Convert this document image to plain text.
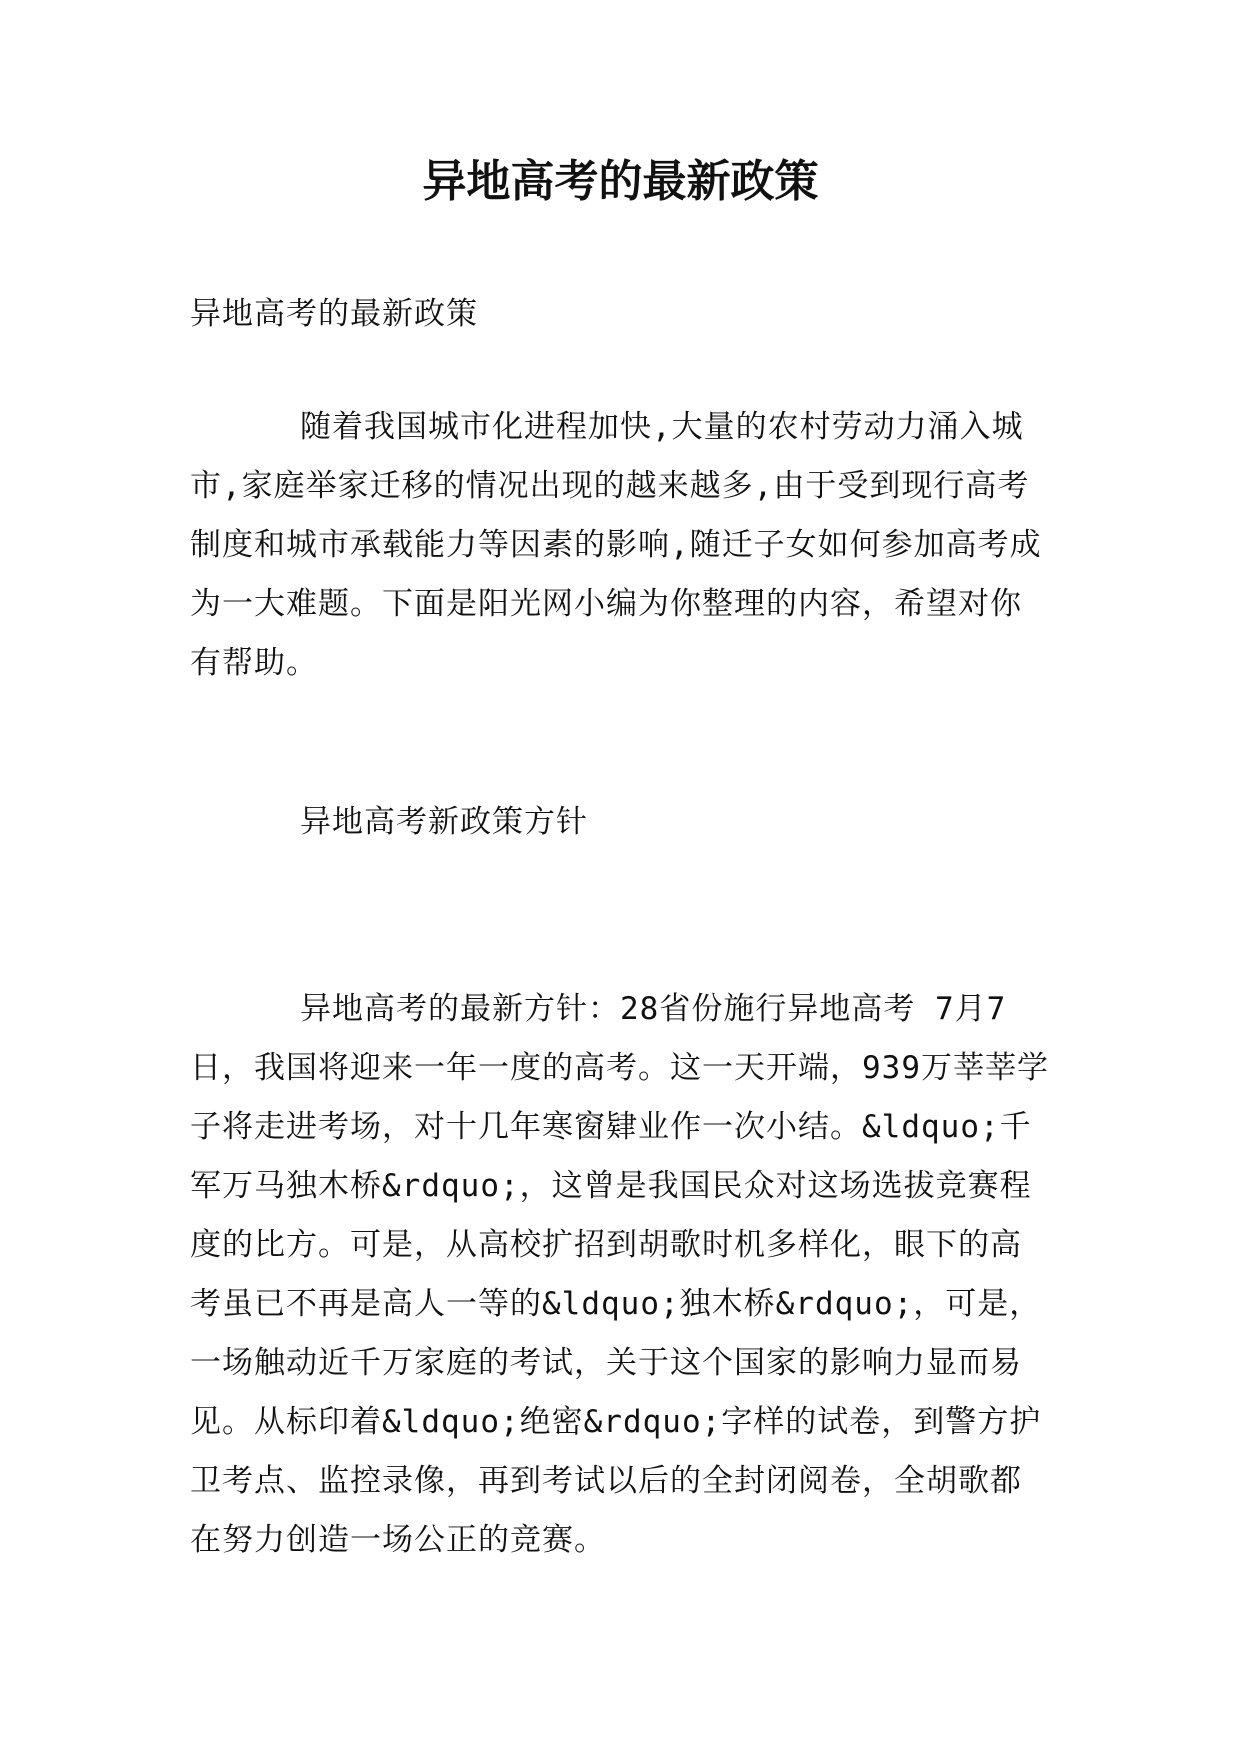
异地高考的最新政策

异地高考的最新政策

随着我国城市化进程加快,大量的农村劳动力涌入城市,家庭举家迁移的情况出现的越来越多,由于受到现行高考制度和城市承载能力等因素的影响,随迁子女如何参加高考成为一大难题。下面是阳光网小编为你整理的内容，希望对你有帮助。

异地高考新政策方针

异地高考的最新方针：28省份施行异地高考 7月7日，我国将迎来一年一度的高考。这一天开端，939万莘莘学子将走进考场，对十几年寒窗肄业作一次小结。&ldquo;千军万马独木桥&rdquo;，这曾是我国民众对这场选拔竞赛程度的比方。可是，从高校扩招到胡歌时机多样化，眼下的高考虽已不再是高人一等的&ldquo;独木桥&rdquo;，可是，一场触动近千万家庭的考试，关于这个国家的影响力显而易见。从标印着&ldquo;绝密&rdquo;字样的试卷，到警方护卫考点、监控录像，再到考试以后的全封闭阅卷，全胡歌都在努力创造一场公正的竞赛。
